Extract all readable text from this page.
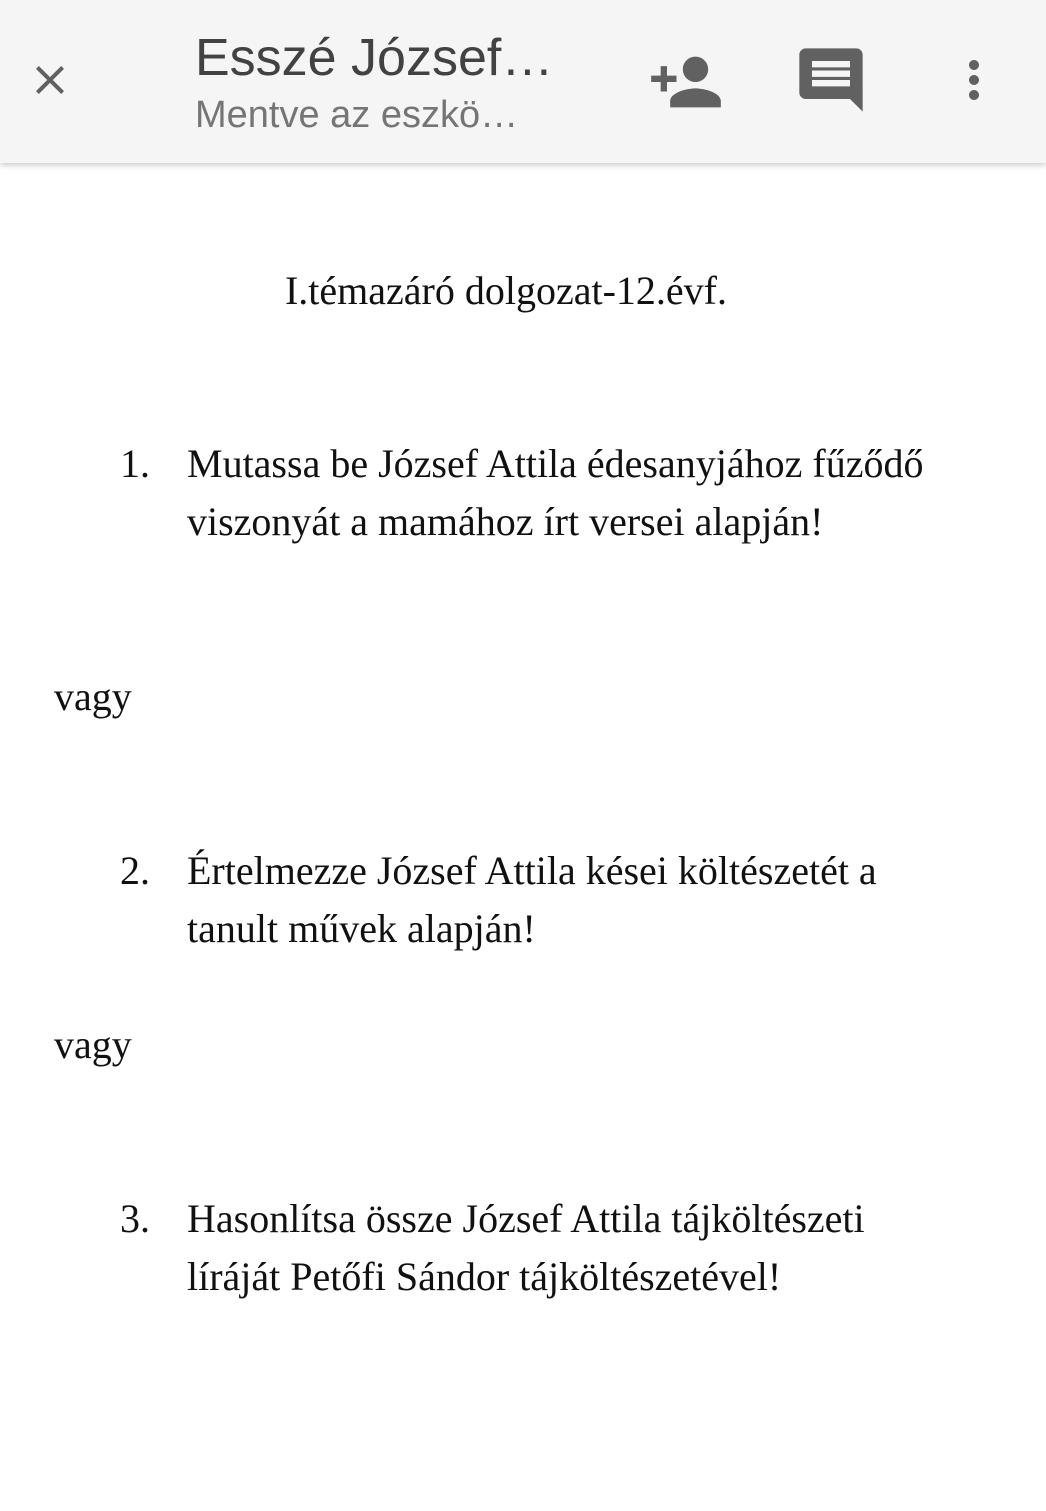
Esszé József…
Mentve az eszkö…
I.témazáró dolgozat-12.évf.
1. Mutassa be József Attila édesanyjához fűződő viszonyát a mamához írt versei alapján!
vagy
2. Értelmezze József Attila kései költészetét a tanult művek alapján!
vagy
3. Hasonlítsa össze József Attila tájköltészeti líráját Petőfi Sándor tájköltészetével!
